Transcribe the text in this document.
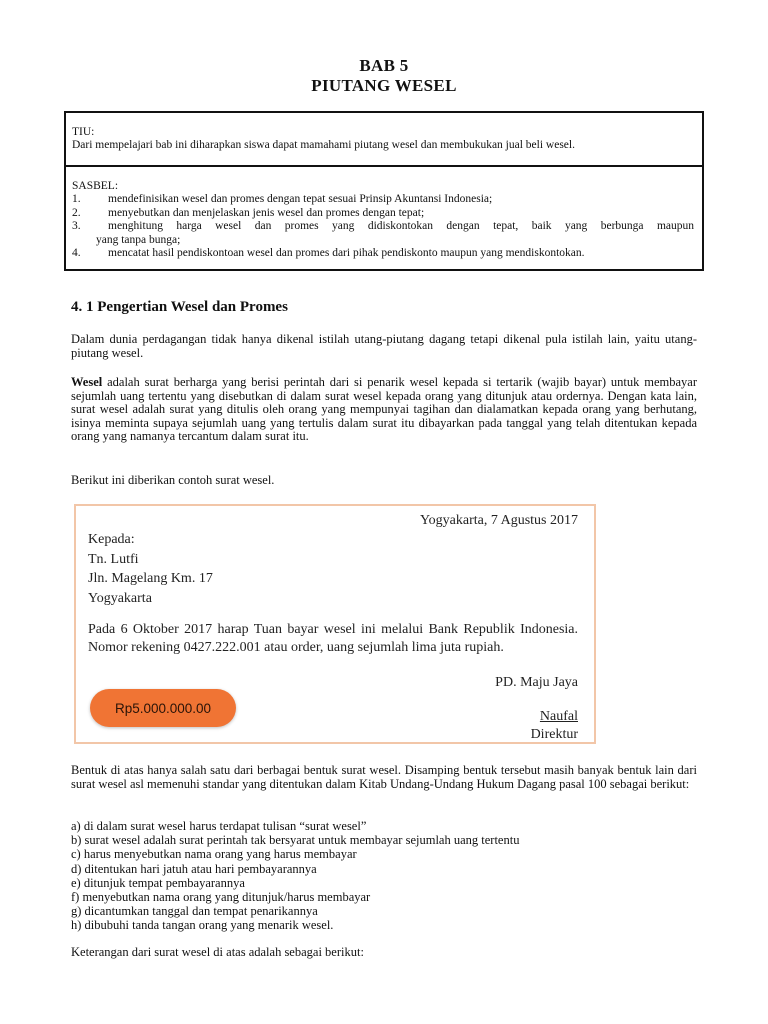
BAB 5
PIUTANG WESEL
TIU:
Dari mempelajari bab ini diharapkan siswa dapat mamahami piutang wesel dan membukukan jual beli wesel.
SASBEL:
1.	mendefinisikan wesel dan promes dengan tepat sesuai Prinsip Akuntansi Indonesia;
2.	menyebutkan dan menjelaskan jenis wesel dan promes dengan tepat;
3.	menghitung harga wesel dan promes yang didiskontokan dengan tepat, baik yang berbunga maupun
yang tanpa bunga;
4.	mencatat hasil pendiskontoan wesel dan promes dari pihak pendiskonto maupun yang mendiskontokan.
4. 1 Pengertian Wesel dan Promes
Dalam dunia perdagangan tidak hanya dikenal istilah utang-piutang dagang tetapi dikenal pula istilah lain, yaitu utang-piutang wesel.
Wesel adalah surat berharga yang berisi perintah dari si penarik wesel kepada si tertarik (wajib bayar) untuk membayar sejumlah uang tertentu yang disebutkan di dalam surat wesel kepada orang yang ditunjuk atau ordernya. Dengan kata lain, surat wesel adalah surat yang ditulis oleh orang yang mempunyai tagihan dan dialamatkan kepada orang yang berhutang, isinya meminta supaya sejumlah uang yang tertulis dalam surat itu dibayarkan pada tanggal yang telah ditentukan kepada orang yang namanya tercantum dalam surat itu.
Berikut ini diberikan contoh surat wesel.
Yogyakarta, 7 Agustus 2017
Kepada:
Tn. Lutfi
Jln. Magelang Km. 17
Yogyakarta
Pada 6 Oktober 2017 harap Tuan bayar wesel ini melalui Bank Republik Indonesia. Nomor rekening 0427.222.001 atau order, uang sejumlah lima juta rupiah.
PD. Maju Jaya
Rp5.000.000.00
Naufal
Direktur
Bentuk di atas hanya salah satu dari berbagai bentuk surat wesel. Disamping bentuk tersebut masih banyak bentuk lain dari surat wesel asl memenuhi standar yang ditentukan dalam Kitab Undang-Undang Hukum Dagang pasal 100 sebagai berikut:
a) di dalam surat wesel harus terdapat tulisan “surat wesel”
b) surat wesel adalah surat perintah tak bersyarat untuk membayar sejumlah uang tertentu
c) harus menyebutkan nama orang yang harus membayar
d) ditentukan hari jatuh atau hari pembayarannya
e) ditunjuk tempat pembayarannya
f) menyebutkan nama orang yang ditunjuk/harus membayar
g) dicantumkan tanggal dan tempat penarikannya
h) dibubuhi tanda tangan orang yang menarik wesel.
Keterangan dari surat wesel di atas adalah sebagai berikut:
